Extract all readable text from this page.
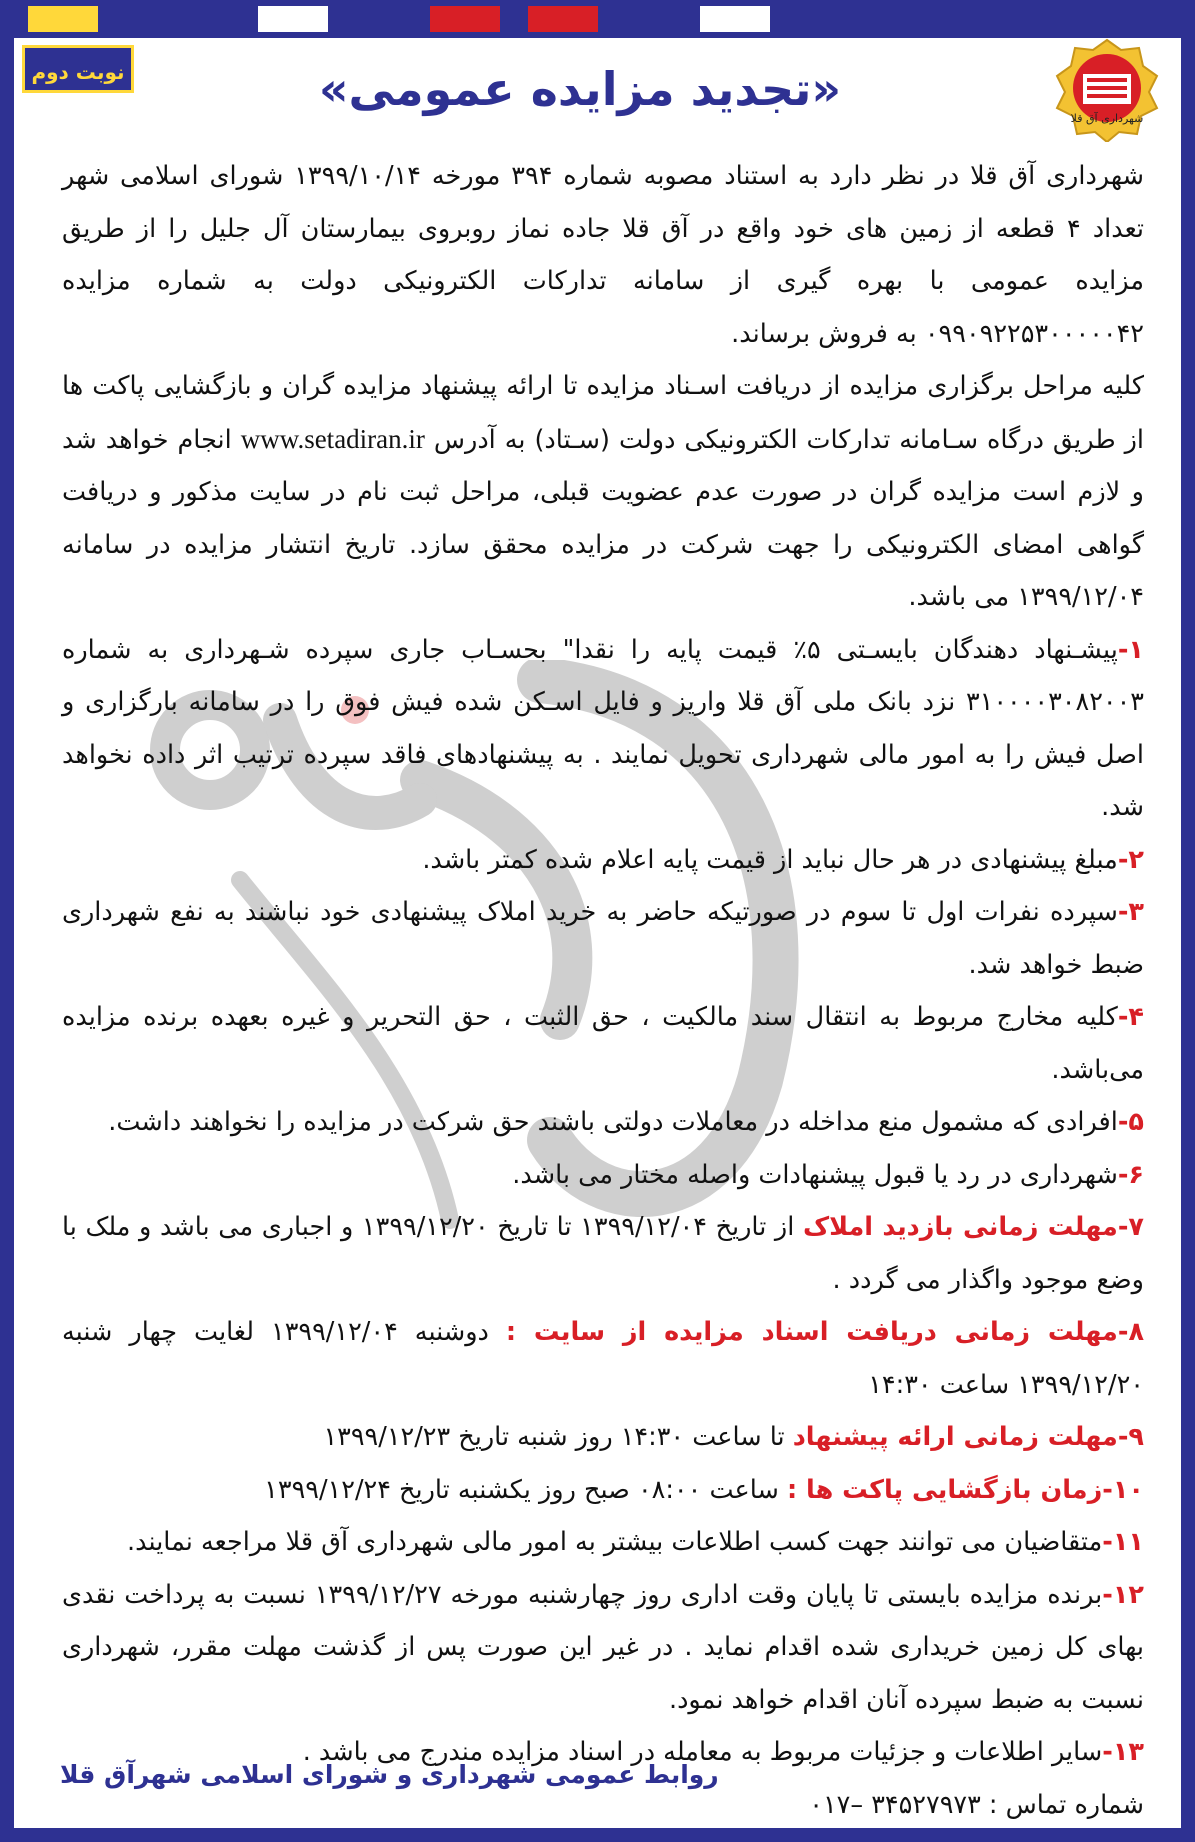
نوبت دوم	«تجدید مزایده عمومی»
شهرداری آق قلا

شهرداری آق قلا در نظر دارد به استناد مصوبه شماره ۳۹۴ مورخه ۱۳۹۹/۱۰/۱۴ شورای اسلامی شهر تعداد ۴ قطعه از زمین های خود واقع در آق قلا جاده نماز روبروی بیمارستان آل جلیل را از طریق مزایده عمومی با بهره گیری از سامانه تدارکات الکترونیکی دولت به شماره مزایده ۰۹۹۰۹۲۲۵۳۰۰۰۰۰۴۲ به فروش برساند.

کلیه مراحل برگزاری مزایده از دریافت اسـناد مزایده تا ارائه پیشنهاد مزایده گران و بازگشایی پاکت ها از طریق درگاه سـامانه تدارکات الکترونیکی دولت (سـتاد) به آدرس www.setadiran.ir انجام خواهد شد و لازم است مزایده گران در صورت عدم عضویت قبلی، مراحل ثبت نام در سایت مذکور و دریافت گواهی امضای الکترونیکی را جهت شرکت در مزایده محقق سازد. تاریخ انتشار مزایده در سامانه ۱۳۹۹/۱۲/۰۴ می باشد.

۱-پیشـنهاد دهندگان بایسـتی ۵٪ قیمت پایه را نقدا" بحسـاب جاری سپرده شـهرداری به شماره ۳۱۰۰۰۰۳۰۸۲۰۰۳ نزد بانک ملی آق قلا واریز و فایل اسـکن شده فیش فوق را در سامانه بارگزاری و اصل فیش را به امور مالی شهرداری تحویل نمایند . به پیشنهادهای فاقد سپرده ترتیب اثر داده نخواهد شد.

۲-مبلغ پیشنهادی در هر حال نباید از قیمت پایه اعلام شده کمتر باشد.

۳-سپرده نفرات اول تا سوم در صورتیکه حاضر به خرید املاک پیشنهادی خود نباشند به نفع شهرداری ضبط خواهد شد.

۴-کلیه مخارج مربوط به انتقال سند مالکیت ، حق الثبت ، حق التحریر و غیره بعهده برنده مزایده می‌باشد.

۵-افرادی که مشمول منع مداخله در معاملات دولتی باشند حق شرکت در مزایده را نخواهند داشت.

۶-شهرداری در رد یا قبول پیشنهادات واصله مختار می باشد.

۷-مهلت زمانی بازدید املاک از تاریخ ۱۳۹۹/۱۲/۰۴ تا تاریخ ۱۳۹۹/۱۲/۲۰ و اجباری می باشد و ملک با وضع موجود واگذار می گردد .

۸-مهلت زمانی دریافت اسناد مزایده از سایت : دوشنبه ۱۳۹۹/۱۲/۰۴ لغایت چهار شنبه ۱۳۹۹/۱۲/۲۰ ساعت ۱۴:۳۰

۹-مهلت زمانی ارائه پیشنهاد تا ساعت ۱۴:۳۰ روز شنبه تاریخ ۱۳۹۹/۱۲/۲۳

۱۰-زمان بازگشایی پاکت ها : ساعت ۰۸:۰۰ صبح روز یکشنبه تاریخ ۱۳۹۹/۱۲/۲۴

۱۱-متقاضیان می توانند جهت کسب اطلاعات بیشتر به امور مالی شهرداری آق قلا مراجعه نمایند.

۱۲-برنده مزایده بایستی تا پایان وقت اداری روز چهارشنبه مورخه ۱۳۹۹/۱۲/۲۷ نسبت به پرداخت نقدی بهای کل زمین خریداری شده اقدام نماید . در غیر این صورت پس از گذشت مهلت مقرر، شهرداری نسبت به ضبط سپرده آنان اقدام خواهد نمود.

۱۳-سایر اطلاعات و جزئیات مربوط به معامله در اسناد مزایده مندرج می باشد .

شماره تماس : ۳۴۵۲۷۹۷۳ –۰۱۷

روابط عمومی شهرداری و شورای اسلامی شهرآق قلا
